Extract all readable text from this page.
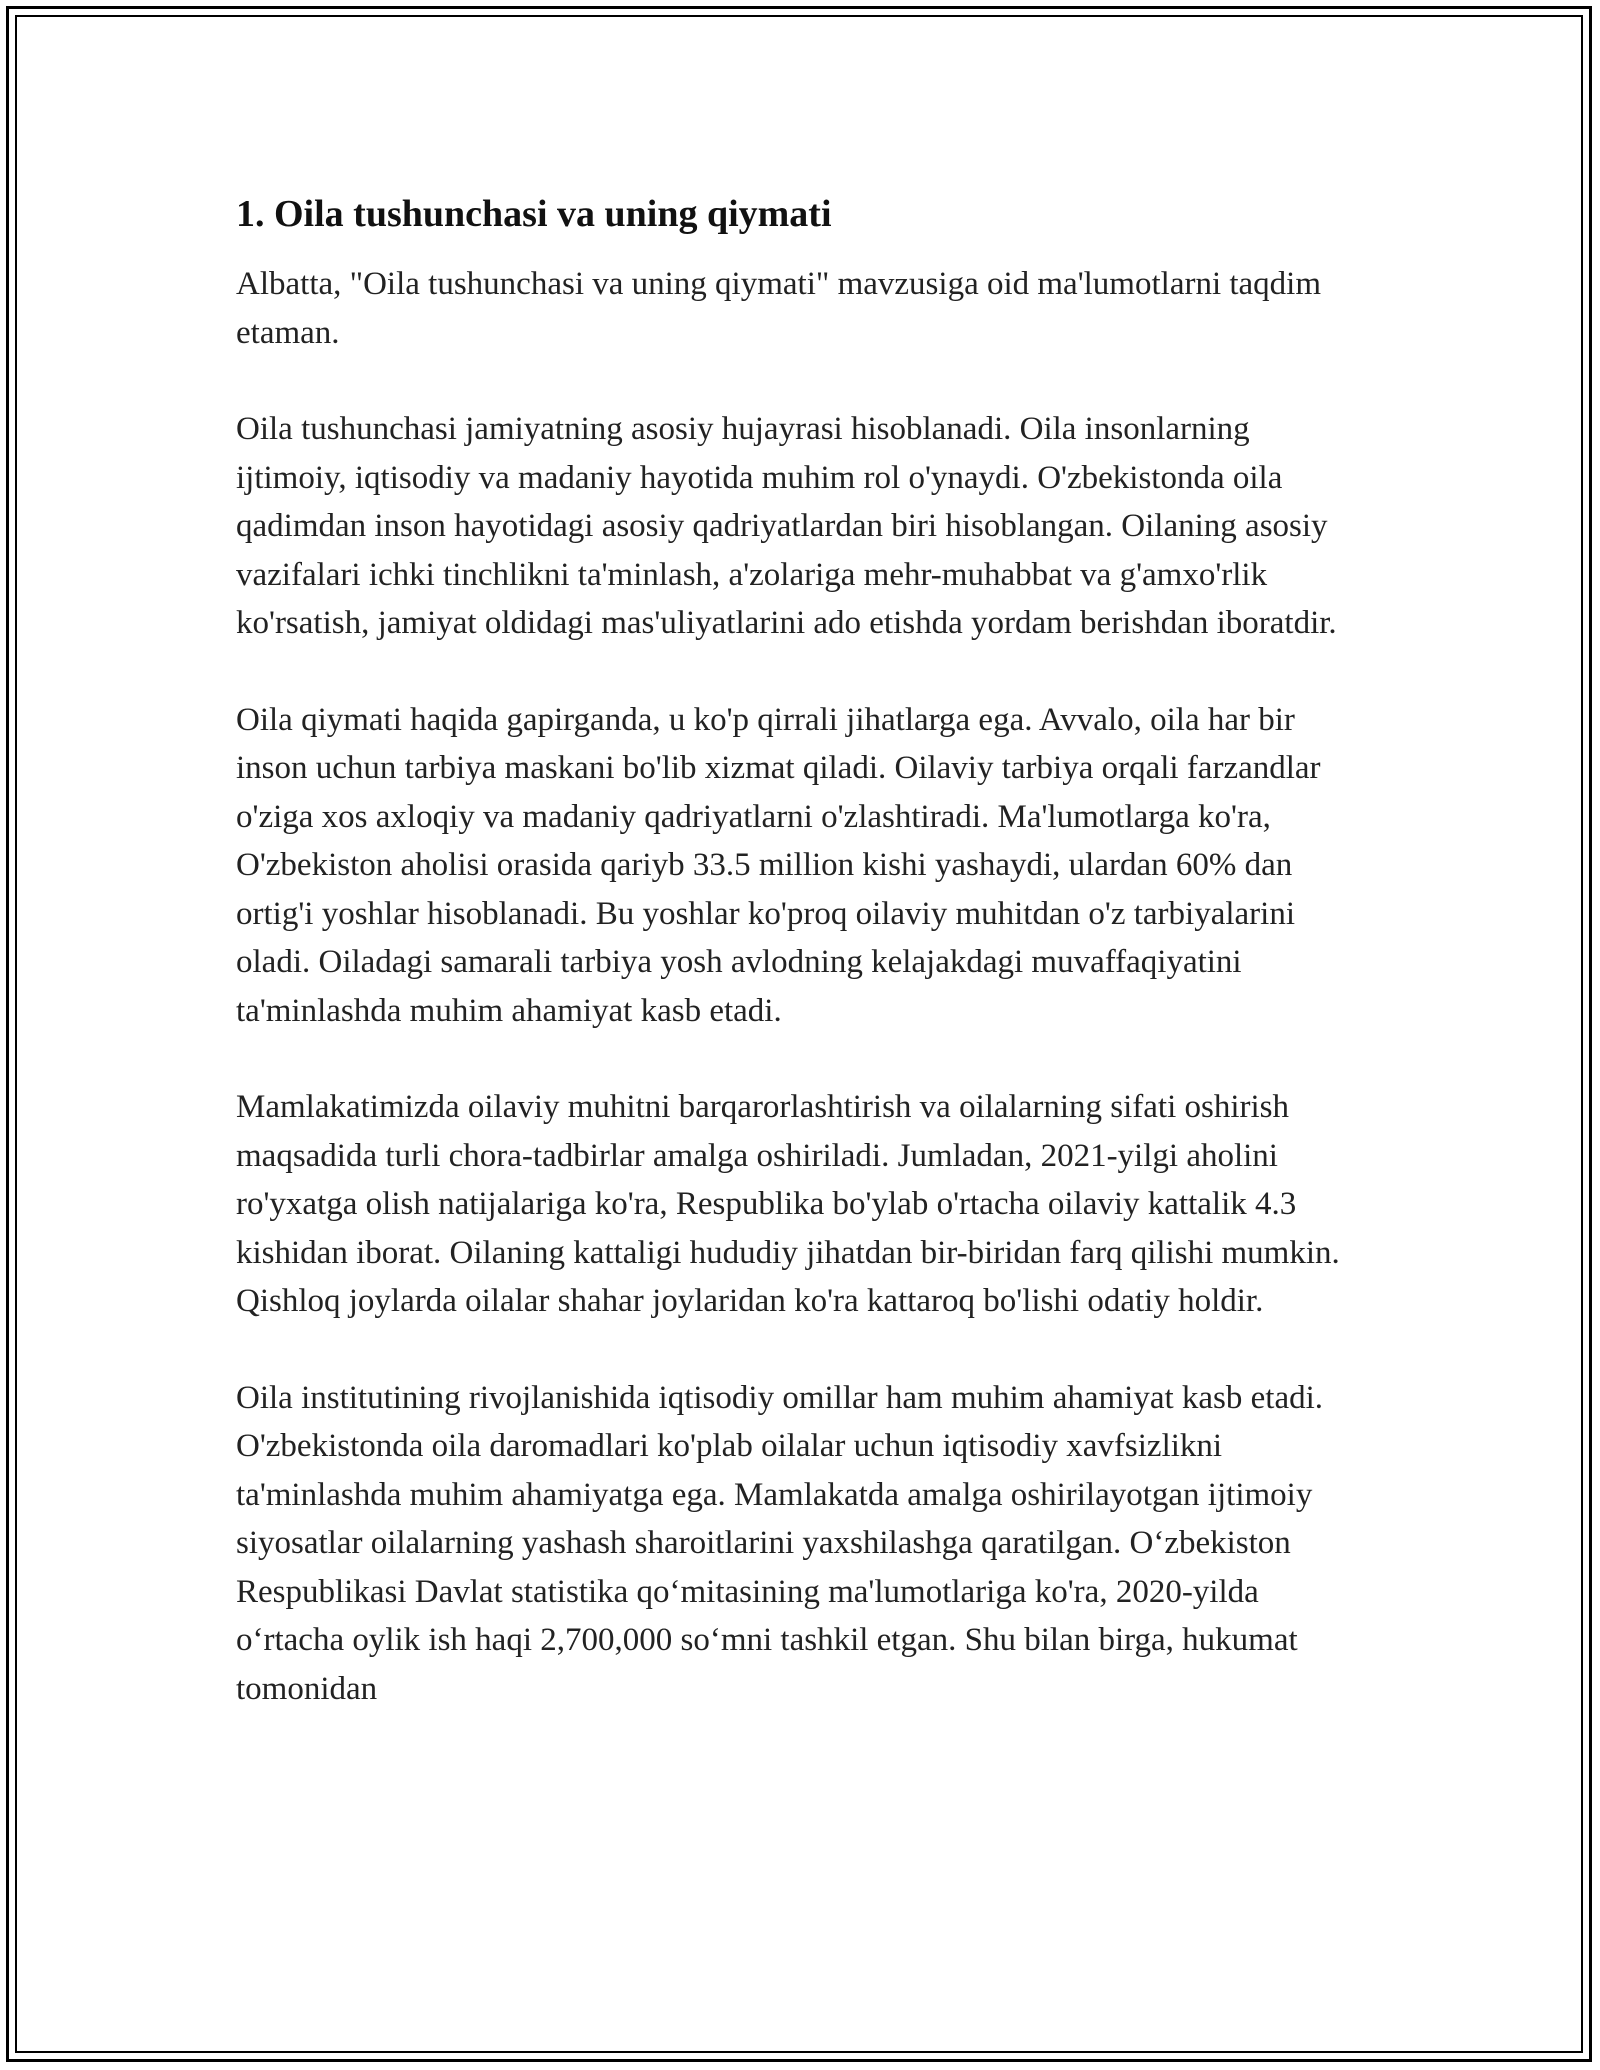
1. Oila tushunchasi va uning qiymati

Albatta, "Oila tushunchasi va uning qiymati" mavzusiga oid ma'lumotlarni taqdim etaman.

Oila tushunchasi jamiyatning asosiy hujayrasi hisoblanadi. Oila insonlarning ijtimoiy, iqtisodiy va madaniy hayotida muhim rol o'ynaydi. O'zbekistonda oila qadimdan inson hayotidagi asosiy qadriyatlardan biri hisoblangan. Oilaning asosiy vazifalari ichki tinchlikni ta'minlash, a'zolariga mehr-muhabbat va g'amxo'rlik ko'rsatish, jamiyat oldidagi mas'uliyatlarini ado etishda yordam berishdan iboratdir.

Oila qiymati haqida gapirganda, u ko'p qirrali jihatlarga ega. Avvalo, oila har bir inson uchun tarbiya maskani bo'lib xizmat qiladi. Oilaviy tarbiya orqali farzandlar o'ziga xos axloqiy va madaniy qadriyatlarni o'zlashtiradi. Ma'lumotlarga ko'ra, O'zbekiston aholisi orasida qariyb 33.5 million kishi yashaydi, ulardan 60% dan ortig'i yoshlar hisoblanadi. Bu yoshlar ko'proq oilaviy muhitdan o'z tarbiyalarini oladi. Oiladagi samarali tarbiya yosh avlodning kelajakdagi muvaffaqiyatini ta'minlashda muhim ahamiyat kasb etadi.

Mamlakatimizda oilaviy muhitni barqarorlashtirish va oilalarning sifati oshirish maqsadida turli chora-tadbirlar amalga oshiriladi. Jumladan, 2021-yilgi aholini ro'yxatga olish natijalariga ko'ra, Respublika bo'ylab o'rtacha oilaviy kattalik 4.3 kishidan iborat. Oilaning kattaligi hududiy jihatdan bir-biridan farq qilishi mumkin. Qishloq joylarda oilalar shahar joylaridan ko'ra kattaroq bo'lishi odatiy holdir.

Oila institutining rivojlanishida iqtisodiy omillar ham muhim ahamiyat kasb etadi. O'zbekistonda oila daromadlari ko'plab oilalar uchun iqtisodiy xavfsizlikni ta'minlashda muhim ahamiyatga ega. Mamlakatda amalga oshirilayotgan ijtimoiy siyosatlar oilalarning yashash sharoitlarini yaxshilashga qaratilgan. O‘zbekiston Respublikasi Davlat statistika qo‘mitasining ma'lumotlariga ko'ra, 2020-yilda o‘rtacha oylik ish haqi 2,700,000 so‘mni tashkil etgan. Shu bilan birga, hukumat tomonidan
